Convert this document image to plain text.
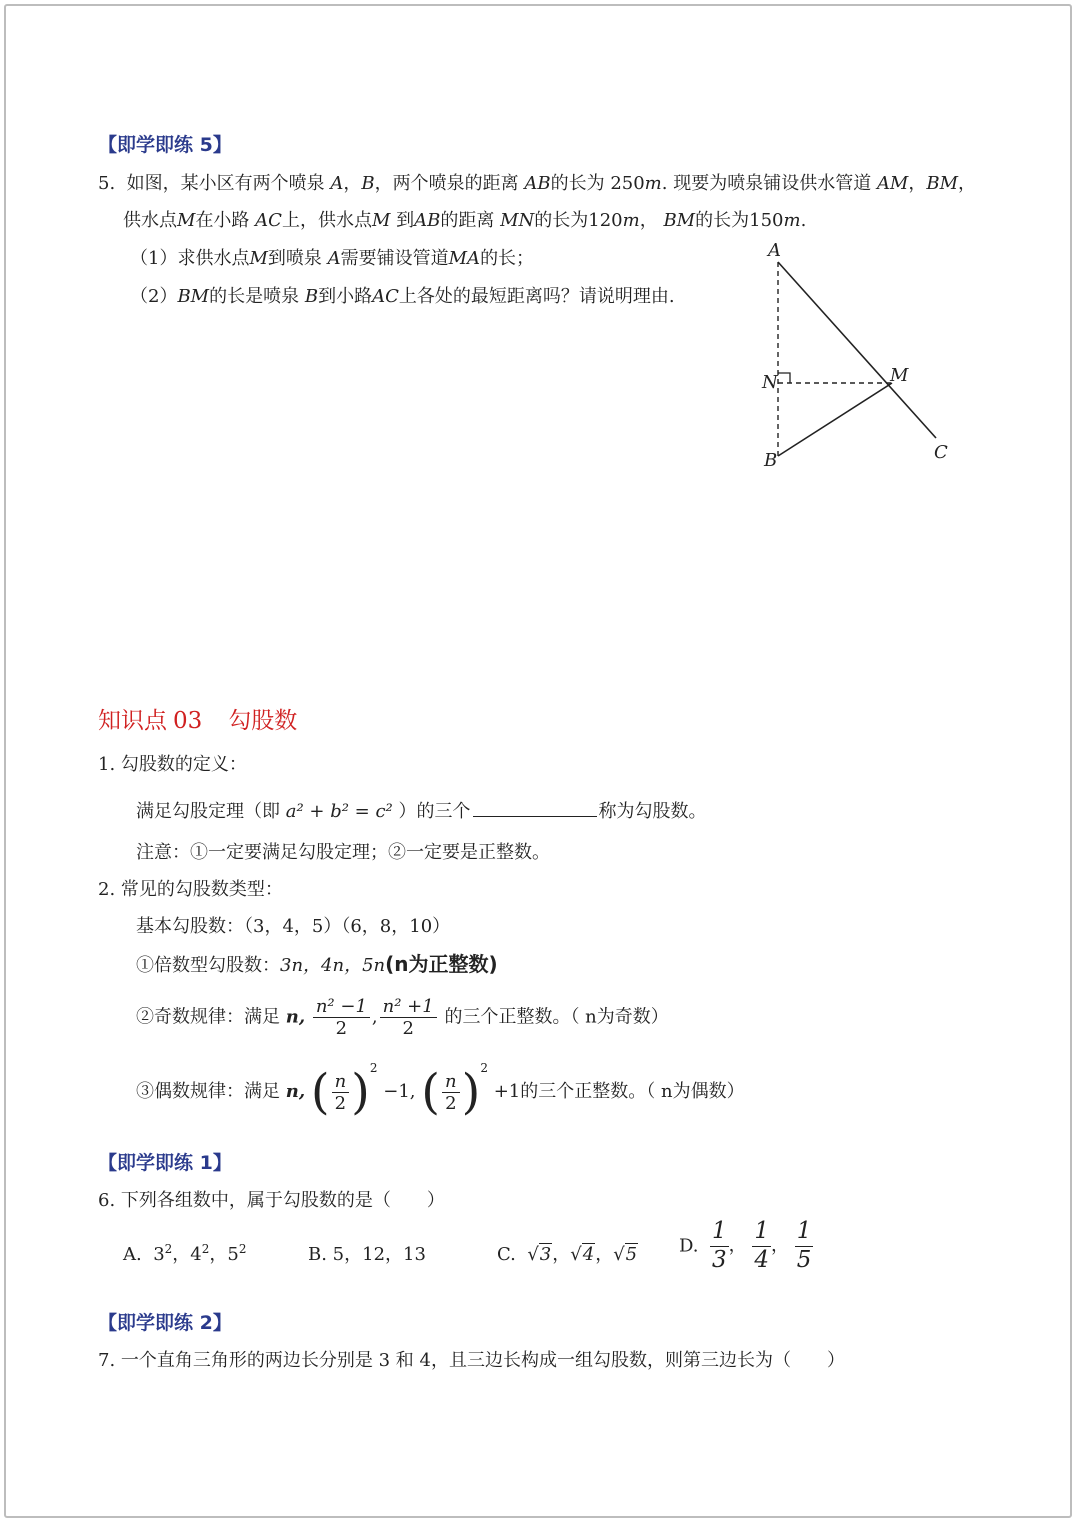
【即学即练 5】
5. 如图，某小区有两个喷泉 A，B，两个喷泉的距离 AB的长为 250m. 现要为喷泉铺设供水管道 AM，BM，
供水点M在小路 AC上，供水点M 到AB的距离 MN的长为120m， BM的长为150m.
（1）求供水点M到喷泉 A需要铺设管道MA的长；
（2）BM的长是喷泉 B到小路AC上各处的最短距离吗？请说明理由.
A
N	M
B	C
知识点 03 勾股数
1. 勾股数的定义：
满足勾股定理（即 a² + b² = c² ）的三个	称为勾股数。
注意：①一定要满足勾股定理；②一定要是正整数。
2. 常见的勾股数类型：
基本勾股数：（3，4，5）（6，8，10）
①倍数型勾股数：3n，4n，5n(n为正整数)
②奇数规律：满足 n, $\frac{\text{n² −1}}{2}$ , $\frac{\text{n² +1}}{2}$ 的三个正整数。（ n为奇数）
③偶数规律：满足 n, ( $\frac{n}{2} )^2 -1$, ( $\frac{n}{2} )^2 +1$的三个正整数。（ n为偶数）
【即学即练 1】
6. 下列各组数中，属于勾股数的是（　　）
A. $3^2$，$4^2$，$5^2$	B. 5，12，13	C. √3，√4，√5 D. $\frac{1}{3}$， $\frac{1}{4}$， $\frac{1}{5}$
【即学即练 2】
7. 一个直角三角形的两边长分别是 3 和 4，且三边长构成一组勾股数，则第三边长为（　　）
